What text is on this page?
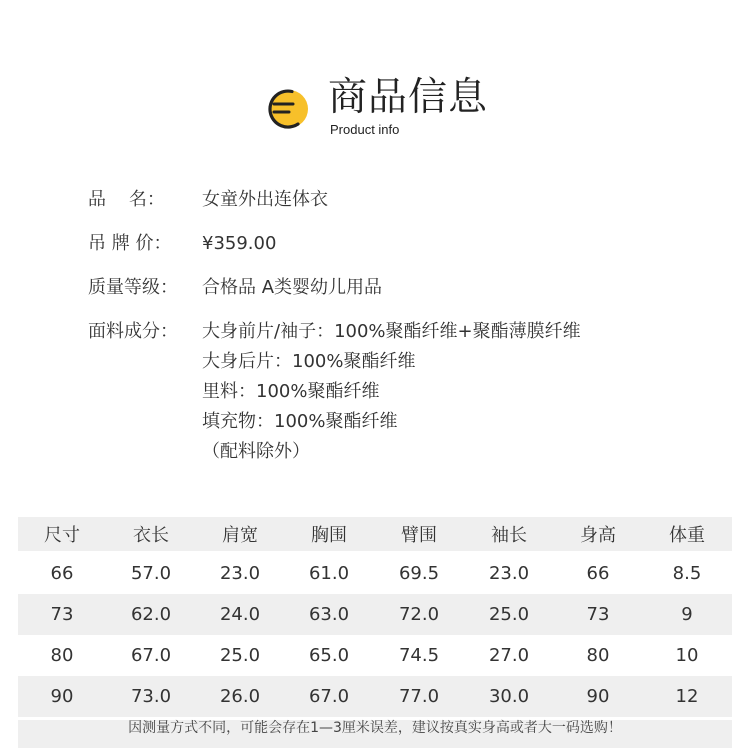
商品信息
Product info
品    名：	女童外出连体衣
吊 牌 价：	¥359.00
质量等级：	合格品 A类婴幼儿用品
面料成分：	大身前片/袖子：100%聚酯纤维+聚酯薄膜纤维
大身后片：100%聚酯纤维
里料：100%聚酯纤维
填充物：100%聚酯纤维
（配料除外）
尺寸	衣长	肩宽	胸围	臂围	袖长	身高	体重
66	57.0	23.0	61.0	69.5	23.0	66	8.5
73	62.0	24.0	63.0	72.0	25.0	73	9
80	67.0	25.0	65.0	74.5	27.0	80	10
90	73.0	26.0	67.0	77.0	30.0	90	12
因测量方式不同，可能会存在1—3厘米误差，建议按真实身高或者大一码选购！
